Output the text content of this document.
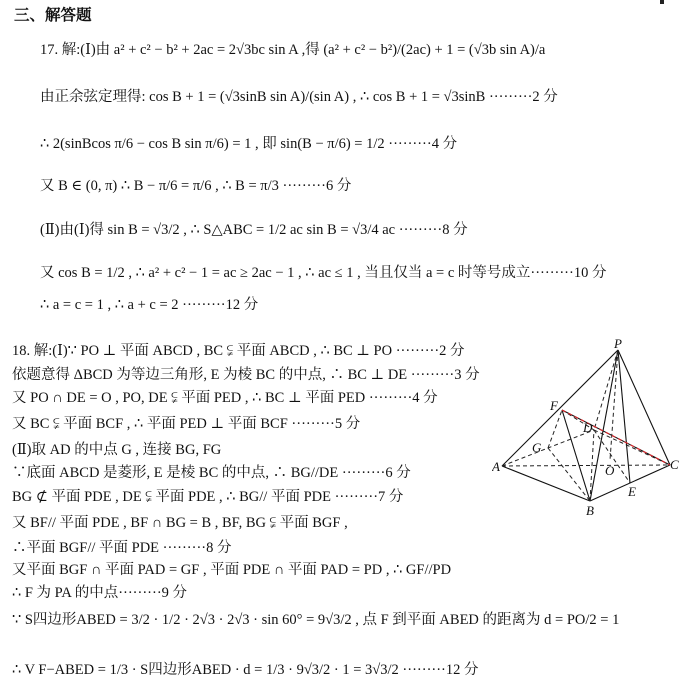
三、解答题
17. 解:(Ⅰ)由 a² + c² − b² + 2ac = 2√3bc sin A ,得 (a² + c² − b²)/(2ac) + 1 = (√3b sin A)/a
由正余弦定理得: cos B + 1 = (√3sinB sin A)/(sin A) , ∴ cos B + 1 = √3sinB ·········2 分
∴ 2(sinBcos π/6 − cos B sin π/6) = 1 , 即 sin(B − π/6) = 1/2 ·········4 分
又 B ∈ (0, π) ∴ B − π/6 = π/6 , ∴ B = π/3 ·········6 分
(Ⅱ)由(Ⅰ)得 sin B = √3/2 , ∴ S△ABC = 1/2 ac sin B = √3/4 ac ·········8 分
又 cos B = 1/2 , ∴ a² + c² − 1 = ac ≥ 2ac − 1 , ∴ ac ≤ 1 , 当且仅当 a = c 时等号成立·········10 分
∴ a = c = 1 , ∴ a + c = 2 ·········12 分
18. 解:(Ⅰ)∵ PO ⊥ 平面 ABCD , BC ⫋ 平面 ABCD , ∴ BC ⊥ PO ·········2 分
依题意得 ΔBCD 为等边三角形, E 为棱 BC 的中点, ∴ BC ⊥ DE ·········3 分
又 PO ∩ DE = O , PO, DE ⫋ 平面 PED , ∴ BC ⊥ 平面 PED ·········4 分
又 BC ⫋ 平面 BCF , ∴ 平面 PED ⊥ 平面 BCF ·········5 分
(Ⅱ)取 AD 的中点 G , 连接 BG, FG
∵底面 ABCD 是菱形, E 是棱 BC 的中点, ∴ BG//DE ·········6 分
BG ⊄ 平面 PDE , DE ⫋ 平面 PDE , ∴ BG// 平面 PDE ·········7 分
又 BF// 平面 PDE , BF ∩ BG = B , BF, BG ⫋ 平面 BGF ,
∴平面 BGF// 平面 PDE ·········8 分
又平面 BGF ∩ 平面 PAD = GF , 平面 PDE ∩ 平面 PAD = PD , ∴ GF//PD
∴ F 为 PA 的中点·········9 分
∵ S四边形ABED = 3/2 · 1/2 · 2√3 · 2√3 · sin 60° = 9√3/2 , 点 F 到平面 ABED 的距离为 d = PO/2 = 1
∴ V F−ABED = 1/3 · S四边形ABED · d = 1/3 · 9√3/2 · 1 = 3√3/2 ·········12 分
P
F
D
G
A	O	C
E
B
